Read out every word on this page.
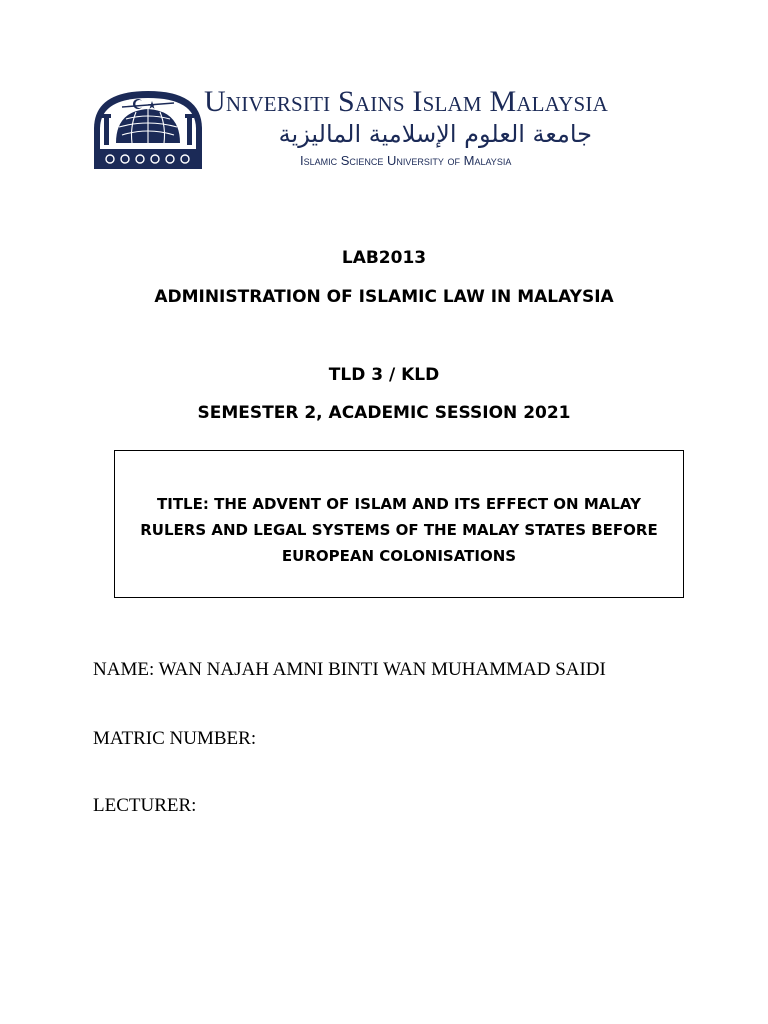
Universiti Sains Islam Malaysia
جامعة العلوم الإسلامية الماليزية
Islamic Science University of Malaysia
LAB2013
ADMINISTRATION OF ISLAMIC LAW IN MALAYSIA
TLD 3 / KLD
SEMESTER 2, ACADEMIC SESSION 2021
TITLE: THE ADVENT OF ISLAM AND ITS EFFECT ON MALAY RULERS AND LEGAL SYSTEMS OF THE MALAY STATES BEFORE EUROPEAN COLONISATIONS
NAME: WAN NAJAH AMNI BINTI WAN MUHAMMAD SAIDI
MATRIC NUMBER:
LECTURER:
